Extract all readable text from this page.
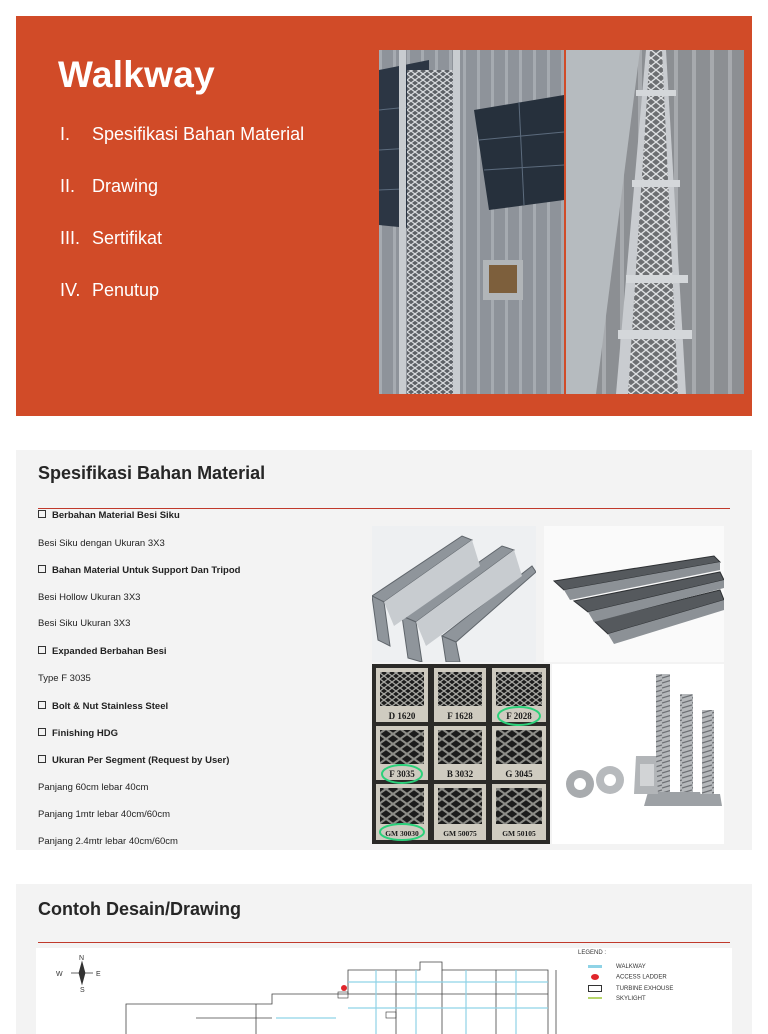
Walkway
I.	Spesifikasi Bahan Material
II. Drawing
III. Sertifikat
IV. Penutup
Spesifikasi Bahan Material
Berbahan Material Besi Siku
Besi Siku dengan Ukuran 3X3
Bahan Material Untuk Support Dan Tripod
Besi Hollow Ukuran 3X3
Besi Siku Ukuran 3X3
Expanded Berbahan Besi
Type F 3035
Bolt & Nut Stainless Steel
Finishing HDG
Ukuran Per Segment (Request by User)
Panjang 60cm lebar 40cm
Panjang 1mtr lebar 40cm/60cm
Panjang 2.4mtr lebar 40cm/60cm
D 1620	F 1628	F 2028
F 3035	B 3032	G 3045
GM 30030	GM 50075	GM 50105
Contoh Desain/Drawing
N
E
S
W
LEGEND :
WALKWAY
ACCESS LADDER
TURBINE EXHOUSE
SKYLIGHT
